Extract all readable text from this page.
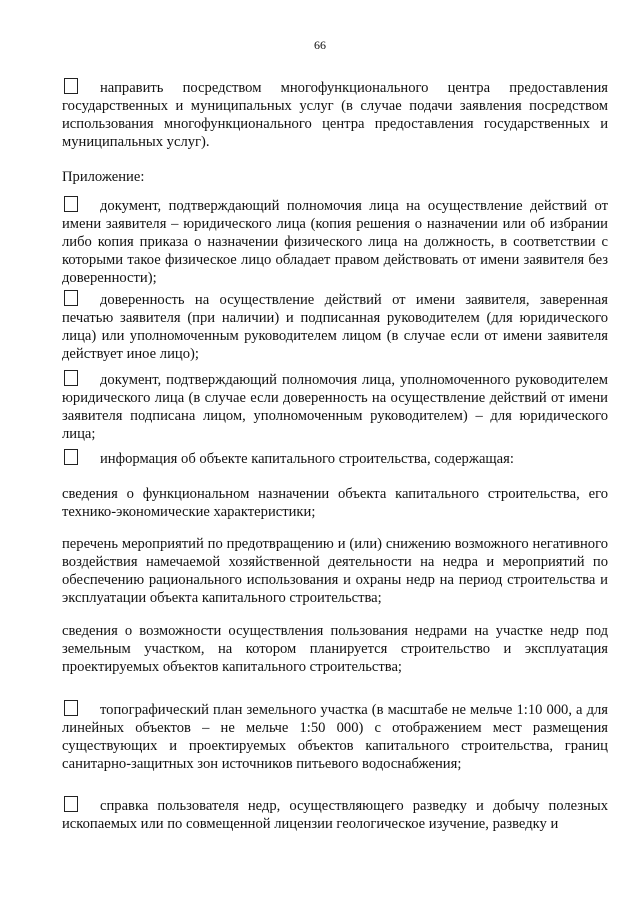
66

направить посредством многофункционального центра предоставления государственных и муниципальных услуг (в случае подачи заявления посредством использования многофункционального центра предоставления государственных и муниципальных услуг).

Приложение:

документ, подтверждающий полномочия лица на осуществление действий от имени заявителя – юридического лица (копия решения о назначении или об избрании либо копия приказа о назначении физического лица на должность, в соответствии с которыми такое физическое лицо обладает правом действовать от имени заявителя без доверенности);

доверенность на осуществление действий от имени заявителя, заверенная печатью заявителя (при наличии) и подписанная руководителем (для юридического лица) или уполномоченным руководителем лицом (в случае если от имени заявителя действует иное лицо);

документ, подтверждающий полномочия лица, уполномоченного руководителем юридического лица (в случае если доверенность на осуществление действий от имени заявителя подписана лицом, уполномоченным руководителем) – для юридического лица;

информация об объекте капитального строительства, содержащая:

сведения о функциональном назначении объекта капитального строительства, его технико-экономические характеристики;

перечень мероприятий по предотвращению и (или) снижению возможного негативного воздействия намечаемой хозяйственной деятельности на недра и мероприятий по обеспечению рационального использования и охраны недр на период строительства и эксплуатации объекта капитального строительства;

сведения о возможности осуществления пользования недрами на участке недр под земельным участком, на котором планируется строительство и эксплуатация проектируемых объектов капитального строительства;

топографический план земельного участка (в масштабе не мельче 1:10 000, а для линейных объектов – не мельче 1:50 000) с отображением мест размещения существующих и проектируемых объектов капитального строительства, границ санитарно-защитных зон источников питьевого водоснабжения;

справка пользователя недр, осуществляющего разведку и добычу полезных ископаемых или по совмещенной лицензии геологическое изучение, разведку и
